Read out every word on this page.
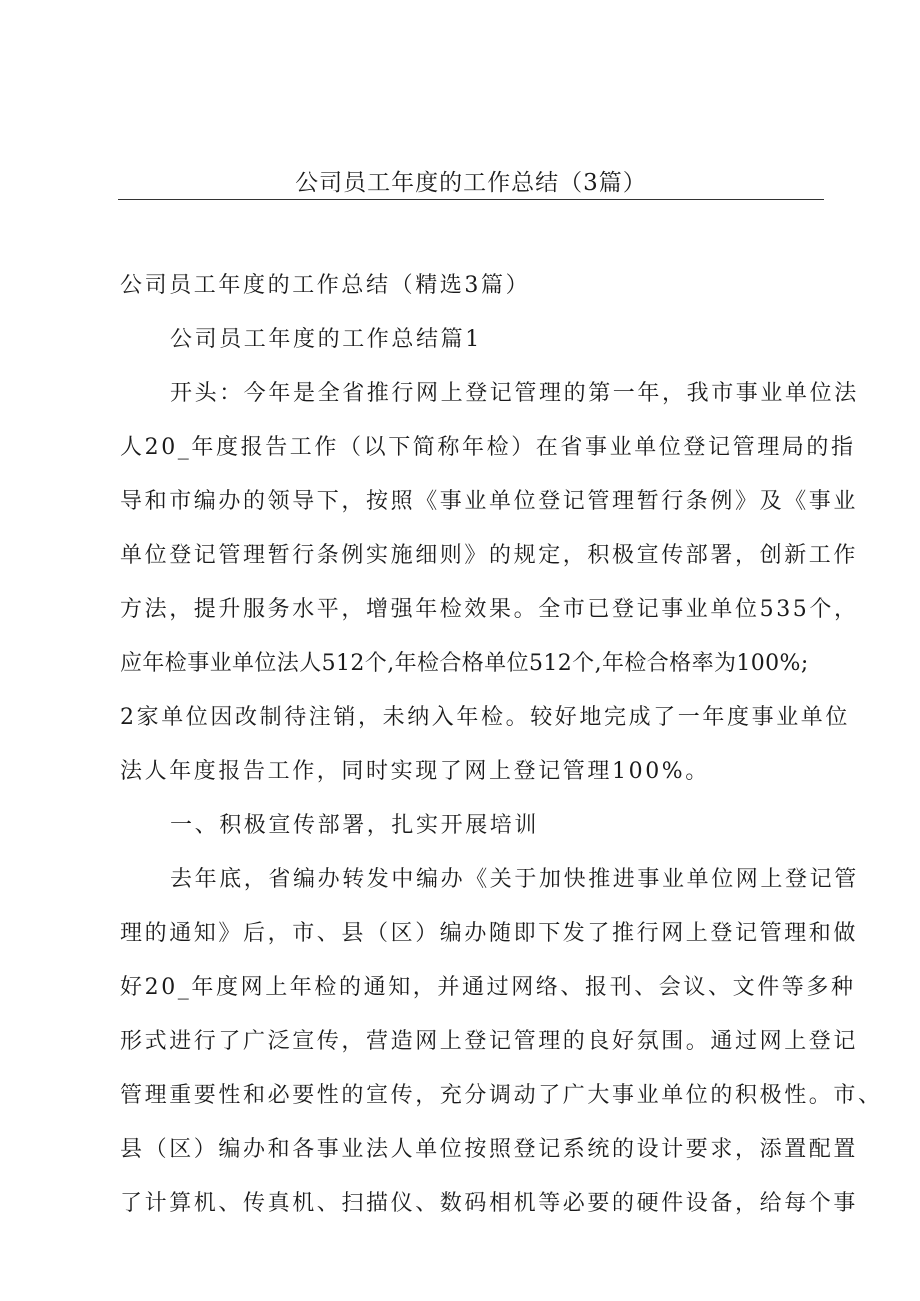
公司员工年度的工作总结（3篇）

公司员工年度的工作总结（精选3篇）

公司员工年度的工作总结篇1

开头：今年是全省推行网上登记管理的第一年，我市事业单位法

人20_年度报告工作（以下简称年检）在省事业单位登记管理局的指

导和市编办的领导下，按照《事业单位登记管理暂行条例》及《事业

单位登记管理暂行条例实施细则》的规定，积极宣传部署，创新工作

方法，提升服务水平，增强年检效果。全市已登记事业单位535个，

应年检事业单位法人512个,年检合格单位512个,年检合格率为100%;

2家单位因改制待注销，未纳入年检。较好地完成了一年度事业单位

法人年度报告工作，同时实现了网上登记管理100%。

一、积极宣传部署，扎实开展培训

去年底，省编办转发中编办《关于加快推进事业单位网上登记管

理的通知》后，市、县（区）编办随即下发了推行网上登记管理和做

好20_年度网上年检的通知，并通过网络、报刊、会议、文件等多种

形式进行了广泛宣传，营造网上登记管理的良好氛围。通过网上登记

管理重要性和必要性的宣传，充分调动了广大事业单位的积极性。市、

县（区）编办和各事业法人单位按照登记系统的设计要求，添置配置

了计算机、传真机、扫描仪、数码相机等必要的硬件设备，给每个事
